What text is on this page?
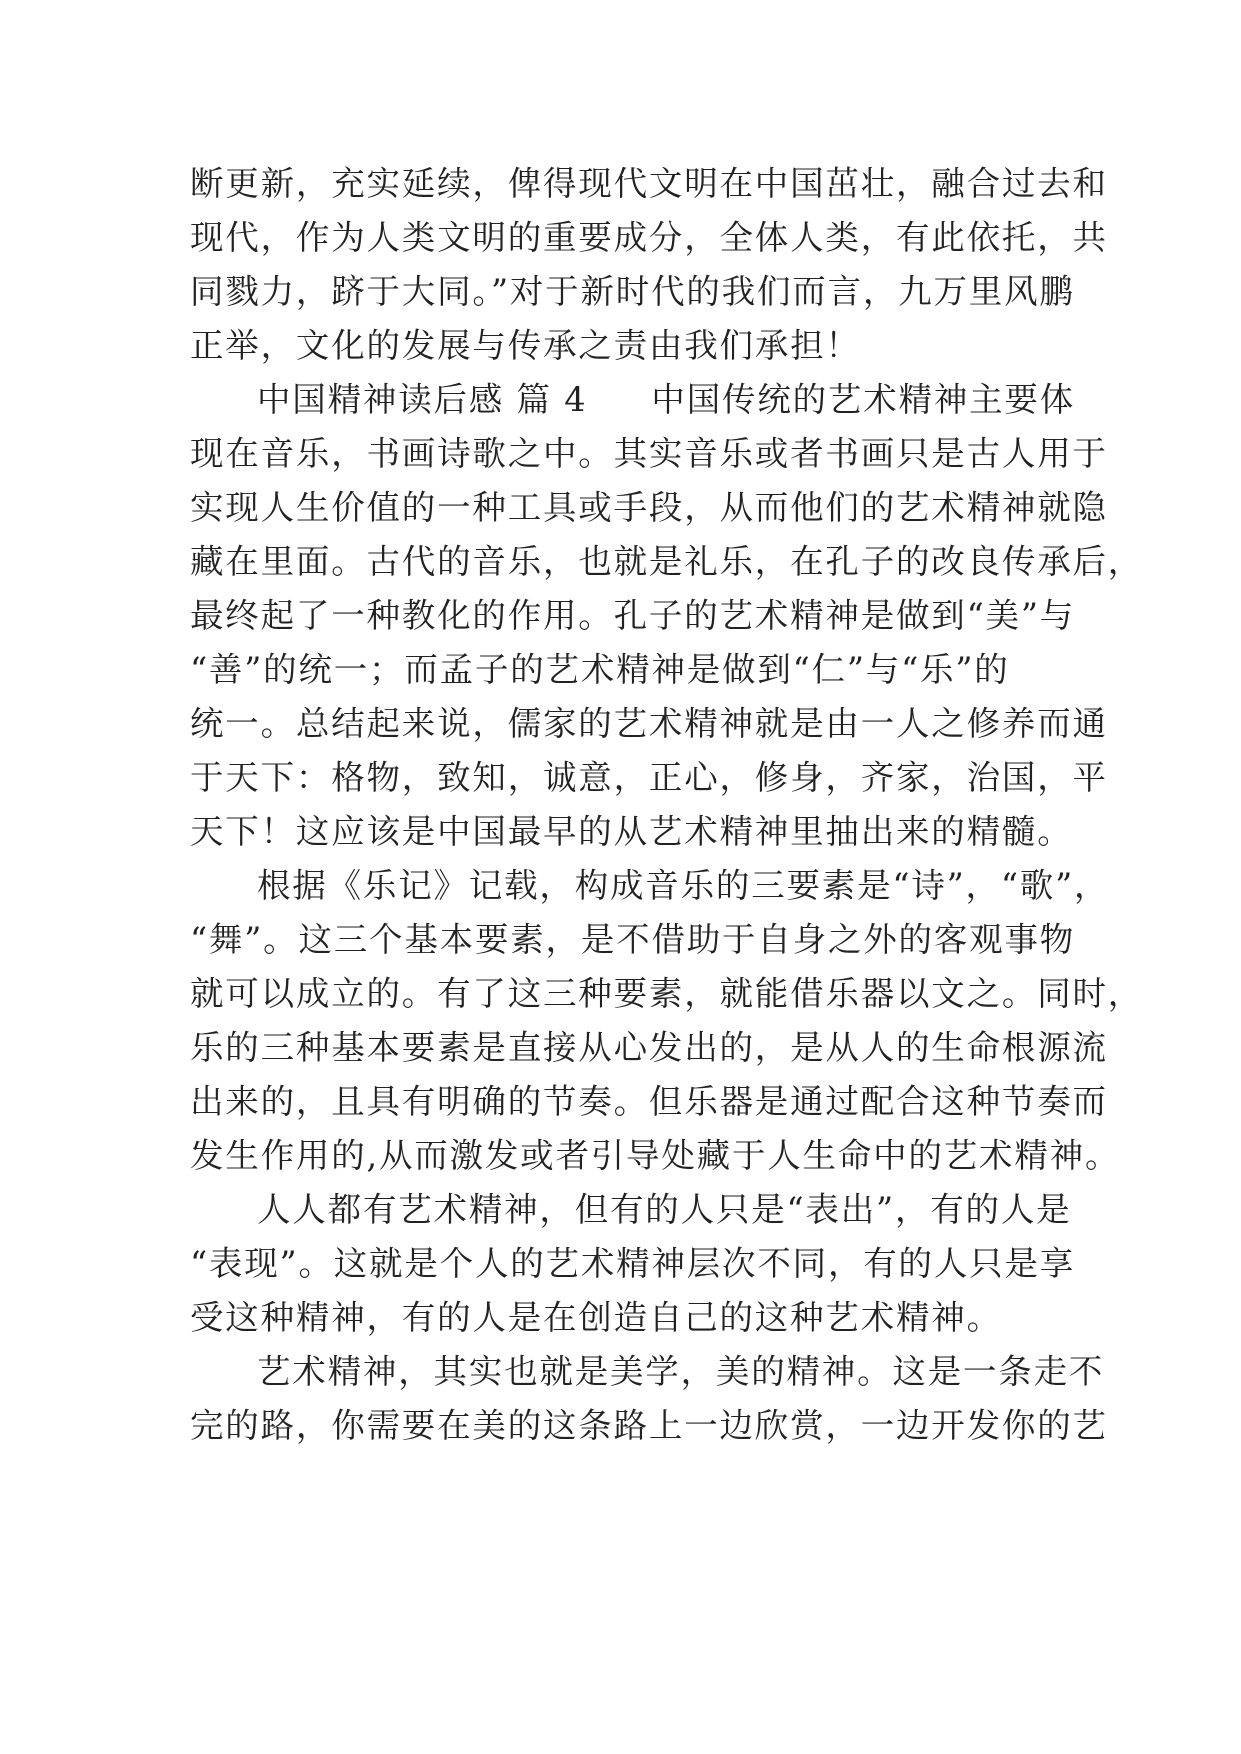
断更新，充实延续，俾得现代文明在中国茁壮，融合过去和
现代，作为人类文明的重要成分，全体人类，有此依托，共
同戮力，跻于大同。”对于新时代的我们而言，九万里风鹏
正举，文化的发展与传承之责由我们承担！
中国精神读后感 篇 4 中国传统的艺术精神主要体
现在音乐，书画诗歌之中。其实音乐或者书画只是古人用于
实现人生价值的一种工具或手段，从而他们的艺术精神就隐
藏在里面。古代的音乐，也就是礼乐，在孔子的改良传承后，
最终起了一种教化的作用。孔子的艺术精神是做到“美”与
“善”的统一；而孟子的艺术精神是做到“仁”与“乐”的
统一。总结起来说，儒家的艺术精神就是由一人之修养而通
于天下：格物，致知，诚意，正心，修身，齐家，治国，平
天下！这应该是中国最早的从艺术精神里抽出来的精髓。
根据《乐记》记载，构成音乐的三要素是“诗”，“歌”，
“舞”。这三个基本要素，是不借助于自身之外的客观事物
就可以成立的。有了这三种要素，就能借乐器以文之。同时，
乐的三种基本要素是直接从心发出的，是从人的生命根源流
出来的，且具有明确的节奏。但乐器是通过配合这种节奏而
发生作用的,从而激发或者引导处藏于人生命中的艺术精神。
人人都有艺术精神，但有的人只是“表出”，有的人是
“表现”。这就是个人的艺术精神层次不同，有的人只是享
受这种精神，有的人是在创造自己的这种艺术精神。
艺术精神，其实也就是美学，美的精神。这是一条走不
完的路，你需要在美的这条路上一边欣赏，一边开发你的艺
